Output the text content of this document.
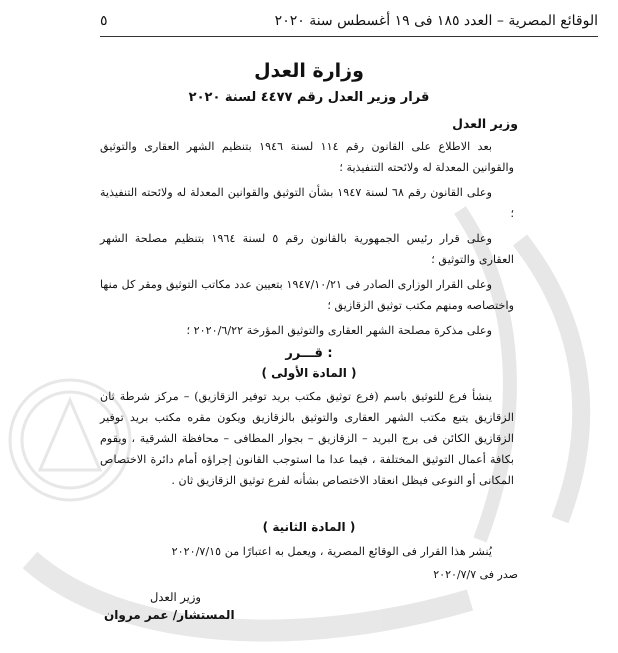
الوقائع المصرية – العدد ١٨٥ فى ١٩ أغسطس سنة ٢٠٢٠
٥
وزارة العدل
قرار وزير العدل رقم ٤٤٧٧ لسنة ٢٠٢٠
وزير العدل

بعد الاطلاع على القانون رقم ١١٤ لسنة ١٩٤٦ بتنظيم الشهر العقارى والتوثيق والقوانين المعدلة له ولائحته التنفيذية ؛

وعلى القانون رقم ٦٨ لسنة ١٩٤٧ بشأن التوثيق والقوانين المعدلة له ولائحته التنفيذية ؛

وعلى قرار رئيس الجمهورية بالقانون رقم ٥ لسنة ١٩٦٤ بتنظيم مصلحة الشهر العقارى والتوثيق ؛

وعلى القرار الوزارى الصادر فى ١٩٤٧/١٠/٢١ بتعيين عدد مكاتب التوثيق ومقر كل منها واختصاصه ومنهم مكتب توثيق الزقازيق ؛

وعلى مذكرة مصلحة الشهر العقارى والتوثيق المؤرخة ٢٠٢٠/٦/٢٢ ؛

قـــرر :
( المادة الأولى )

ينشأ فرع للتوثيق باسم (فرع توثيق مكتب بريد توفير الزقازيق) – مركز شرطة ثان الزقازيق يتبع مكتب الشهر العقارى والتوثيق بالزقازيق ويكون مقره مكتب بريد توفير الزقازيق الكائن فى برج البريد – الزقازيق – بجوار المطافى – محافظة الشرقية ، ويقوم بكافة أعمال التوثيق المختلفة ، فيما عدا ما استوجب القانون إجراؤه أمام دائرة الاختصاص المكانى أو النوعى فيظل انعقاد الاختصاص بشأنه لفرع توثيق الزقازيق ثان .

( المادة الثانية )

يُنشر هذا القرار فى الوقائع المصرية ، ويعمل به اعتبارًا من ٢٠٢٠/٧/١٥

صدر فى ٢٠٢٠/٧/٧
وزير العدل
المستشار/ عمر مروان
